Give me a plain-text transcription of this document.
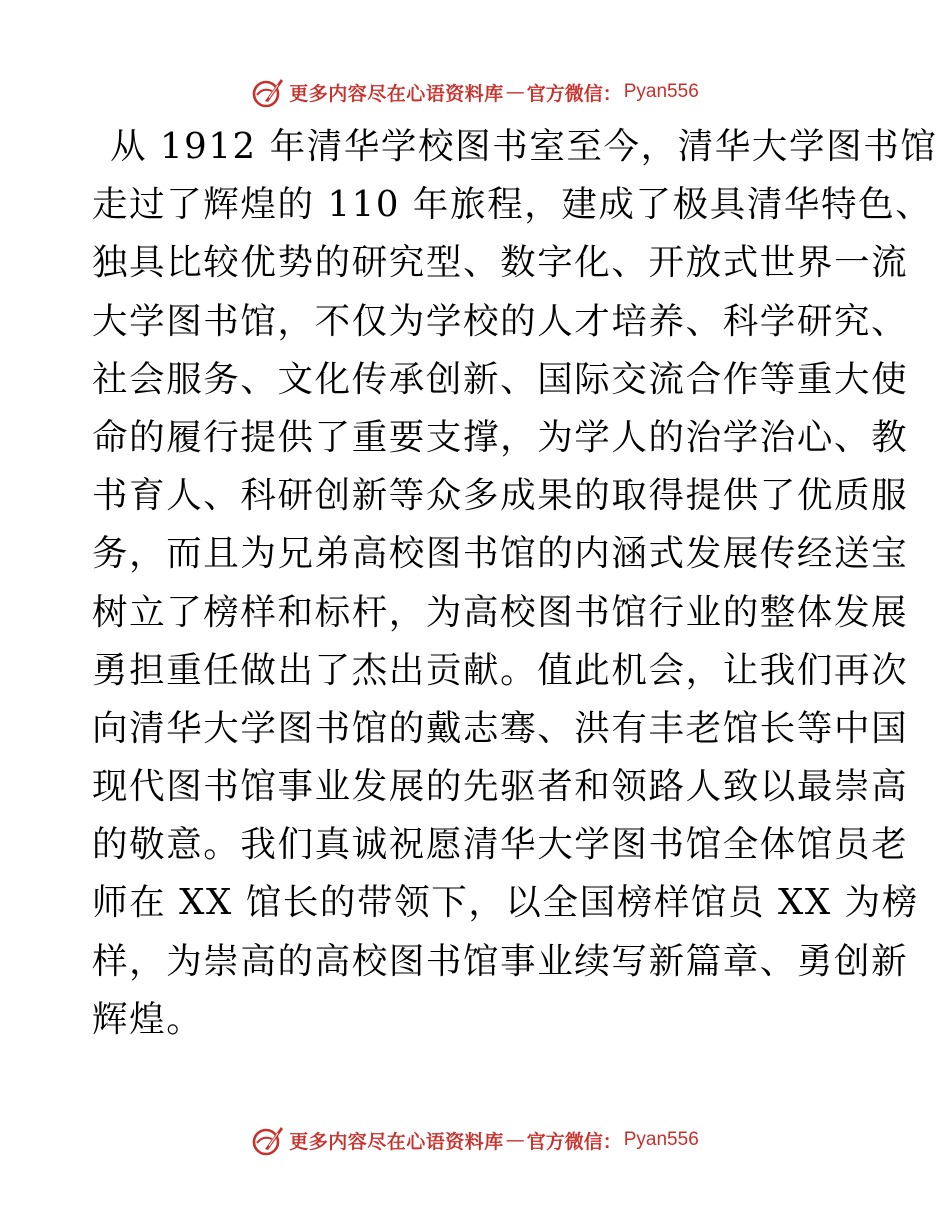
更多内容尽在心语资料库 — 官方微信： Pyan556
从 1912 年清华学校图书室至今，清华大学图书馆
走过了辉煌的 110 年旅程，建成了极具清华特色、
独具比较优势的研究型、数字化、开放式世界一流
大学图书馆，不仅为学校的人才培养、科学研究、
社会服务、文化传承创新、国际交流合作等重大使
命的履行提供了重要支撑，为学人的治学治心、教
书育人、科研创新等众多成果的取得提供了优质服
务，而且为兄弟高校图书馆的内涵式发展传经送宝
树立了榜样和标杆，为高校图书馆行业的整体发展
勇担重任做出了杰出贡献。值此机会，让我们再次
向清华大学图书馆的戴志骞、洪有丰老馆长等中国
现代图书馆事业发展的先驱者和领路人致以最崇高
的敬意。我们真诚祝愿清华大学图书馆全体馆员老
师在 XX 馆长的带领下，以全国榜样馆员 XX 为榜
样，为崇高的高校图书馆事业续写新篇章、勇创新
辉煌。
更多内容尽在心语资料库 — 官方微信： Pyan556
